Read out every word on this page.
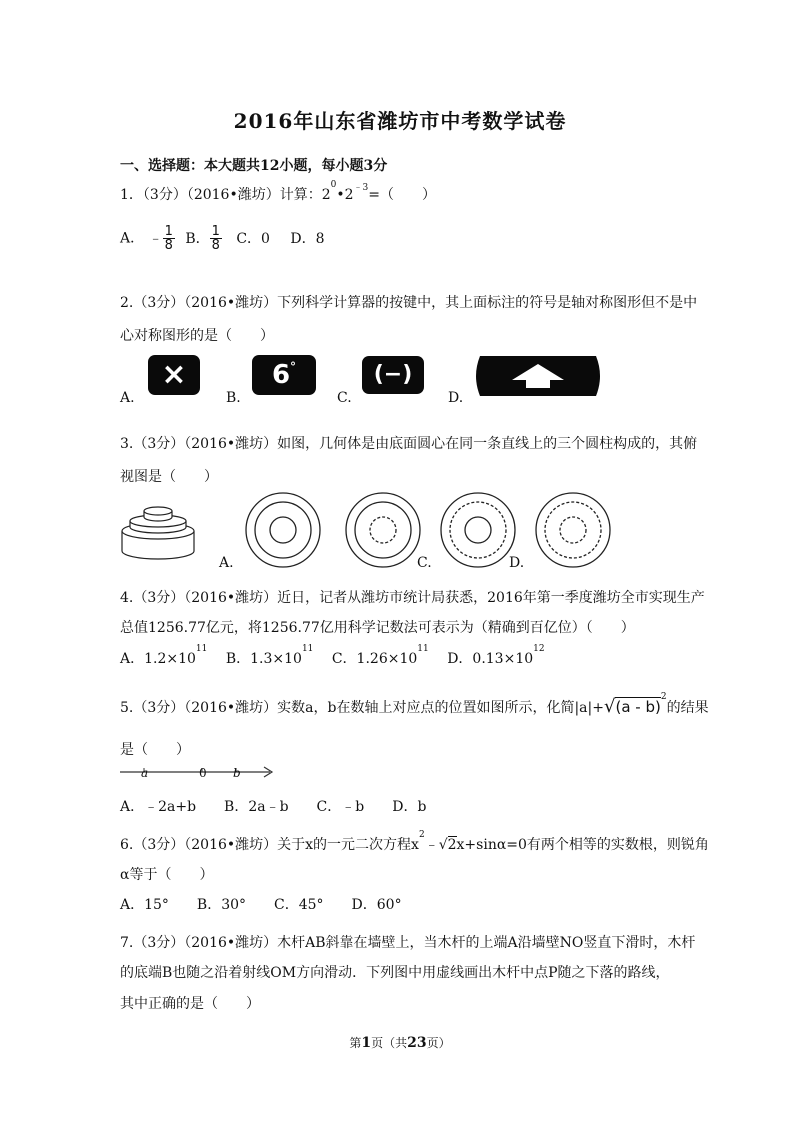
2016年山东省潍坊市中考数学试卷
一、选择题：本大题共12小题，每小题3分
1．（3分）（2016•潍坊）计算：$2^0•2^{﹣3}=$（　　）
A． ﹣ $\frac{1}{8}$ B． $\frac{1}{8}$ C．0 D．8
2.（3分）（2016•潍坊）下列科学计算器的按键中，其上面标注的符号是轴对称图形但不是中
心对称图形的是（　　）
×	6°	(−)
A.	B.	C.	D.
3.（3分）（2016•潍坊）如图，几何体是由底面圆心在同一条直线上的三个圆柱构成的，其俯
视图是（　　）
A.	C.	D.
4.（3分）（2016•潍坊）近日，记者从潍坊市统计局获悉，2016年第一季度潍坊全市实现生产
总值1256.77亿元，将1256.77亿用科学记数法可表示为（精确到百亿位）（　　）
A．$1.2\times 10^{11}$ B．$1.3\times 10^{11}$ C．$1.26\times 10^{11}$ D．$0.13\times 10^{12}$
5.（3分）（2016•潍坊）实数a，b在数轴上对应点的位置如图所示，化简|a|+√(a - b)$^2$的结果
是（　　）
a	0 b
A．﹣2a+b　　B．2a﹣b　　C．﹣b　　D．b
6.（3分）（2016•潍坊）关于x的一元二次方程$x^2﹣√2x+\sin\alpha=0$有两个相等的实数根，则锐角
α等于（　　）
A．15°　　B．30°　　C．45°　　D．60°
7.（3分）（2016•潍坊）木杆AB斜靠在墙壁上，当木杆的上端A沿墙壁NO竖直下滑时，木杆
的底端B也随之沿着射线OM方向滑动．下列图中用虚线画出木杆中点P随之下落的路线，
其中正确的是（　　）
第1页（共23页）
